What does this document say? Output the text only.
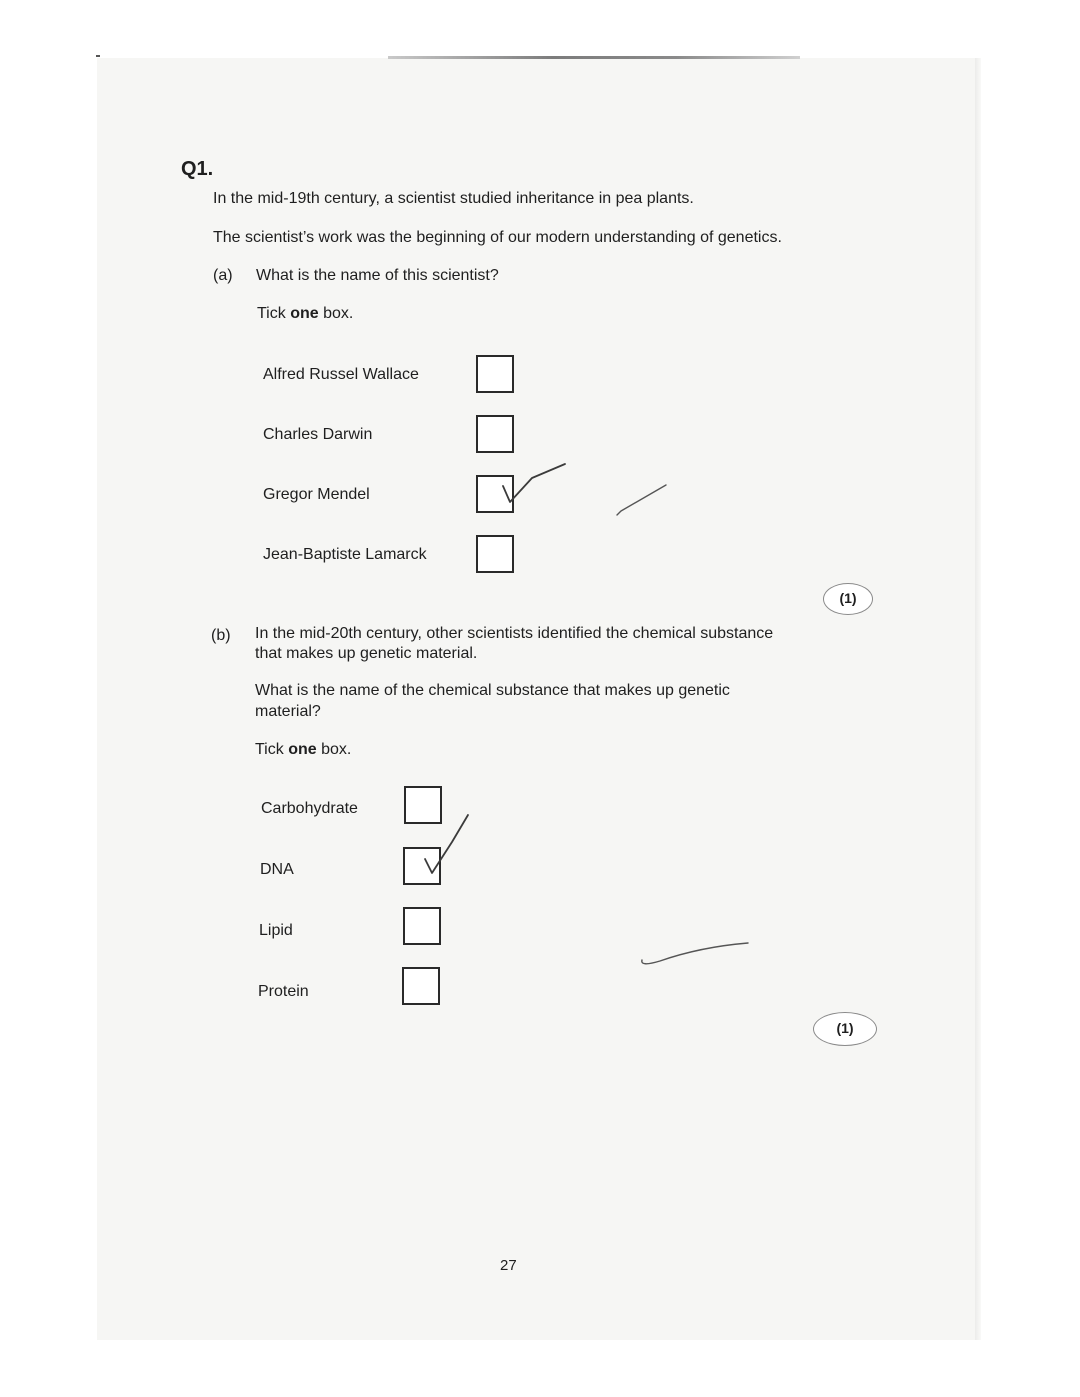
Q1.
In the mid-19th century, a scientist studied inheritance in pea plants.
The scientist’s work was the beginning of our modern understanding of genetics.
(a) What is the name of this scientist?
Tick one box.
Alfred Russel Wallace
Charles Darwin
Gregor Mendel
Jean-Baptiste Lamarck
(1)
(b) In the mid-20th century, other scientists identified the chemical substance
that makes up genetic material.
What is the name of the chemical substance that makes up genetic
material?
Tick one box.
Carbohydrate
DNA
Lipid
Protein
(1)
27
